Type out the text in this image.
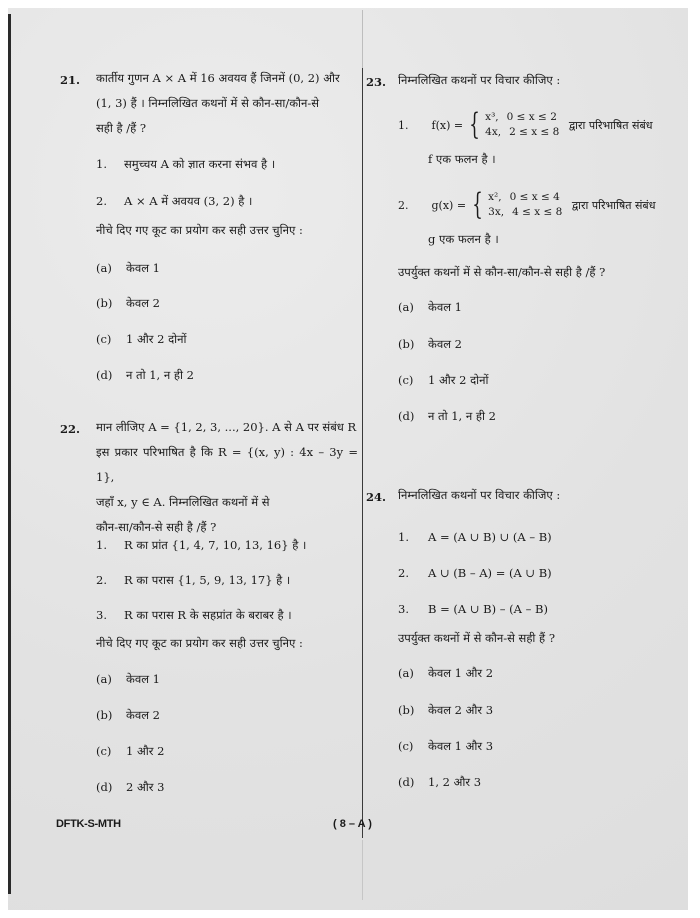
21. कार्तीय गुणन A × A में 16 अवयव हैं जिनमें (0, 2) और
(1, 3) हैं । निम्नलिखित कथनों में से कौन-सा/कौन-से
सही है /हैं ?
1. समुच्चय A को ज्ञात करना संभव है ।
2. A × A में अवयव (3, 2) है ।
नीचे दिए गए कूट का प्रयोग कर सही उत्तर चुनिए :
(a) केवल 1
(b) केवल 2
(c) 1 और 2 दोनों
(d) न तो 1, न ही 2
22. मान लीजिए A = {1, 2, 3, ..., 20}. A से A पर संबंध R
इस प्रकार परिभाषित है कि R = {(x, y) : 4x – 3y = 1},
जहाँ x, y ∈ A. निम्नलिखित कथनों में से
कौन-सा/कौन-से सही है /हैं ?
1. R का प्रांत {1, 4, 7, 10, 13, 16} है ।
2. R का परास {1, 5, 9, 13, 17} है ।
3. R का परास R के सहप्रांत के बराबर है ।
नीचे दिए गए कूट का प्रयोग कर सही उत्तर चुनिए :
(a) केवल 1
(b) केवल 2
(c) 1 और 2
(d) 2 और 3
23. निम्नलिखित कथनों पर विचार कीजिए :
1. f(x) = { x³, 0 ≤ x ≤ 2
4x, 2 ≤ x ≤ 8
द्वारा परिभाषित संबंध
f एक फलन है ।
2. g(x) = { x², 0 ≤ x ≤ 4
3x, 4 ≤ x ≤ 8
द्वारा परिभाषित संबंध
g एक फलन है ।
उपर्युक्त कथनों में से कौन-सा/कौन-से सही है /हैं ?
(a) केवल 1
(b) केवल 2
(c) 1 और 2 दोनों
(d) न तो 1, न ही 2
24. निम्नलिखित कथनों पर विचार कीजिए :
1. A = (A ∪ B) ∪ (A – B)
2. A ∪ (B – A) = (A ∪ B)
3. B = (A ∪ B) – (A – B)
उपर्युक्त कथनों में से कौन-से सही हैं ?
(a) केवल 1 और 2
(b) केवल 2 और 3
(c) केवल 1 और 3
(d) 1, 2 और 3
DFTK-S-MTH	( 8 – A )
